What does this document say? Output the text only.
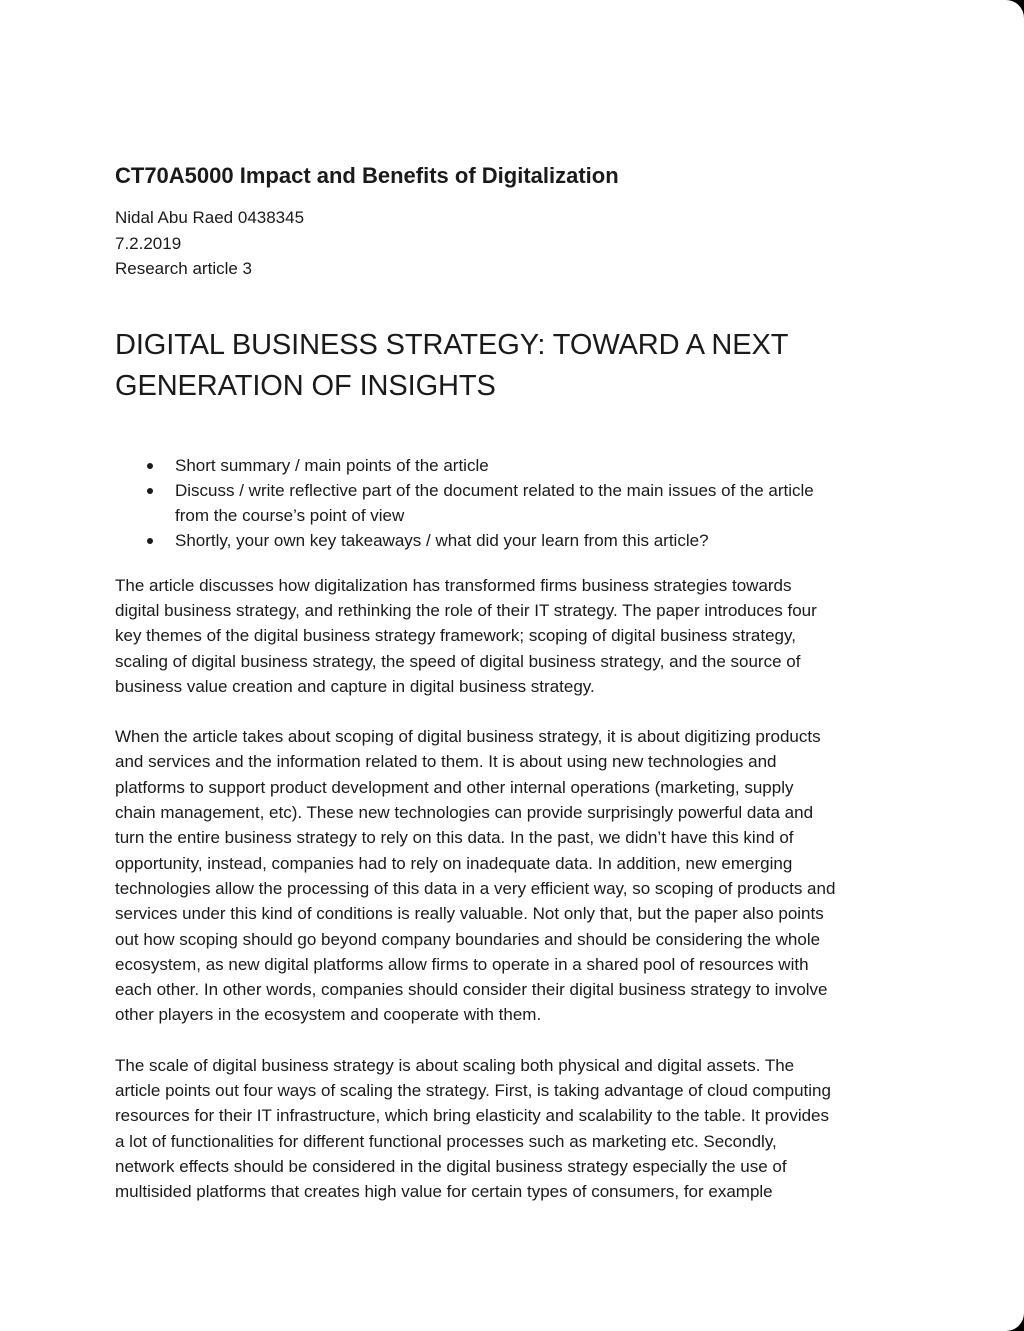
CT70A5000 Impact and Benefits of Digitalization
Nidal Abu Raed 0438345
7.2.2019
Research article 3
DIGITAL BUSINESS STRATEGY: TOWARD A NEXT
GENERATION OF INSIGHTS
Short summary / main points of the article
Discuss / write reflective part of the document related to the main issues of the article
from the course’s point of view
Shortly, your own key takeaways / what did your learn from this article?
The article discusses how digitalization has transformed firms business strategies towards
digital business strategy, and rethinking the role of their IT strategy. The paper introduces four
key themes of the digital business strategy framework; scoping of digital business strategy,
scaling of digital business strategy, the speed of digital business strategy, and the source of
business value creation and capture in digital business strategy.
When the article takes about scoping of digital business strategy, it is about digitizing products
and services and the information related to them. It is about using new technologies and
platforms to support product development and other internal operations (marketing, supply
chain management, etc). These new technologies can provide surprisingly powerful data and
turn the entire business strategy to rely on this data. In the past, we didn’t have this kind of
opportunity, instead, companies had to rely on inadequate data. In addition, new emerging
technologies allow the processing of this data in a very efficient way, so scoping of products and
services under this kind of conditions is really valuable. Not only that, but the paper also points
out how scoping should go beyond company boundaries and should be considering the whole
ecosystem, as new digital platforms allow firms to operate in a shared pool of resources with
each other. In other words, companies should consider their digital business strategy to involve
other players in the ecosystem and cooperate with them.
The scale of digital business strategy is about scaling both physical and digital assets. The
article points out four ways of scaling the strategy. First, is taking advantage of cloud computing
resources for their IT infrastructure, which bring elasticity and scalability to the table. It provides
a lot of functionalities for different functional processes such as marketing etc. Secondly,
network effects should be considered in the digital business strategy especially the use of
multisided platforms that creates high value for certain types of consumers, for example
